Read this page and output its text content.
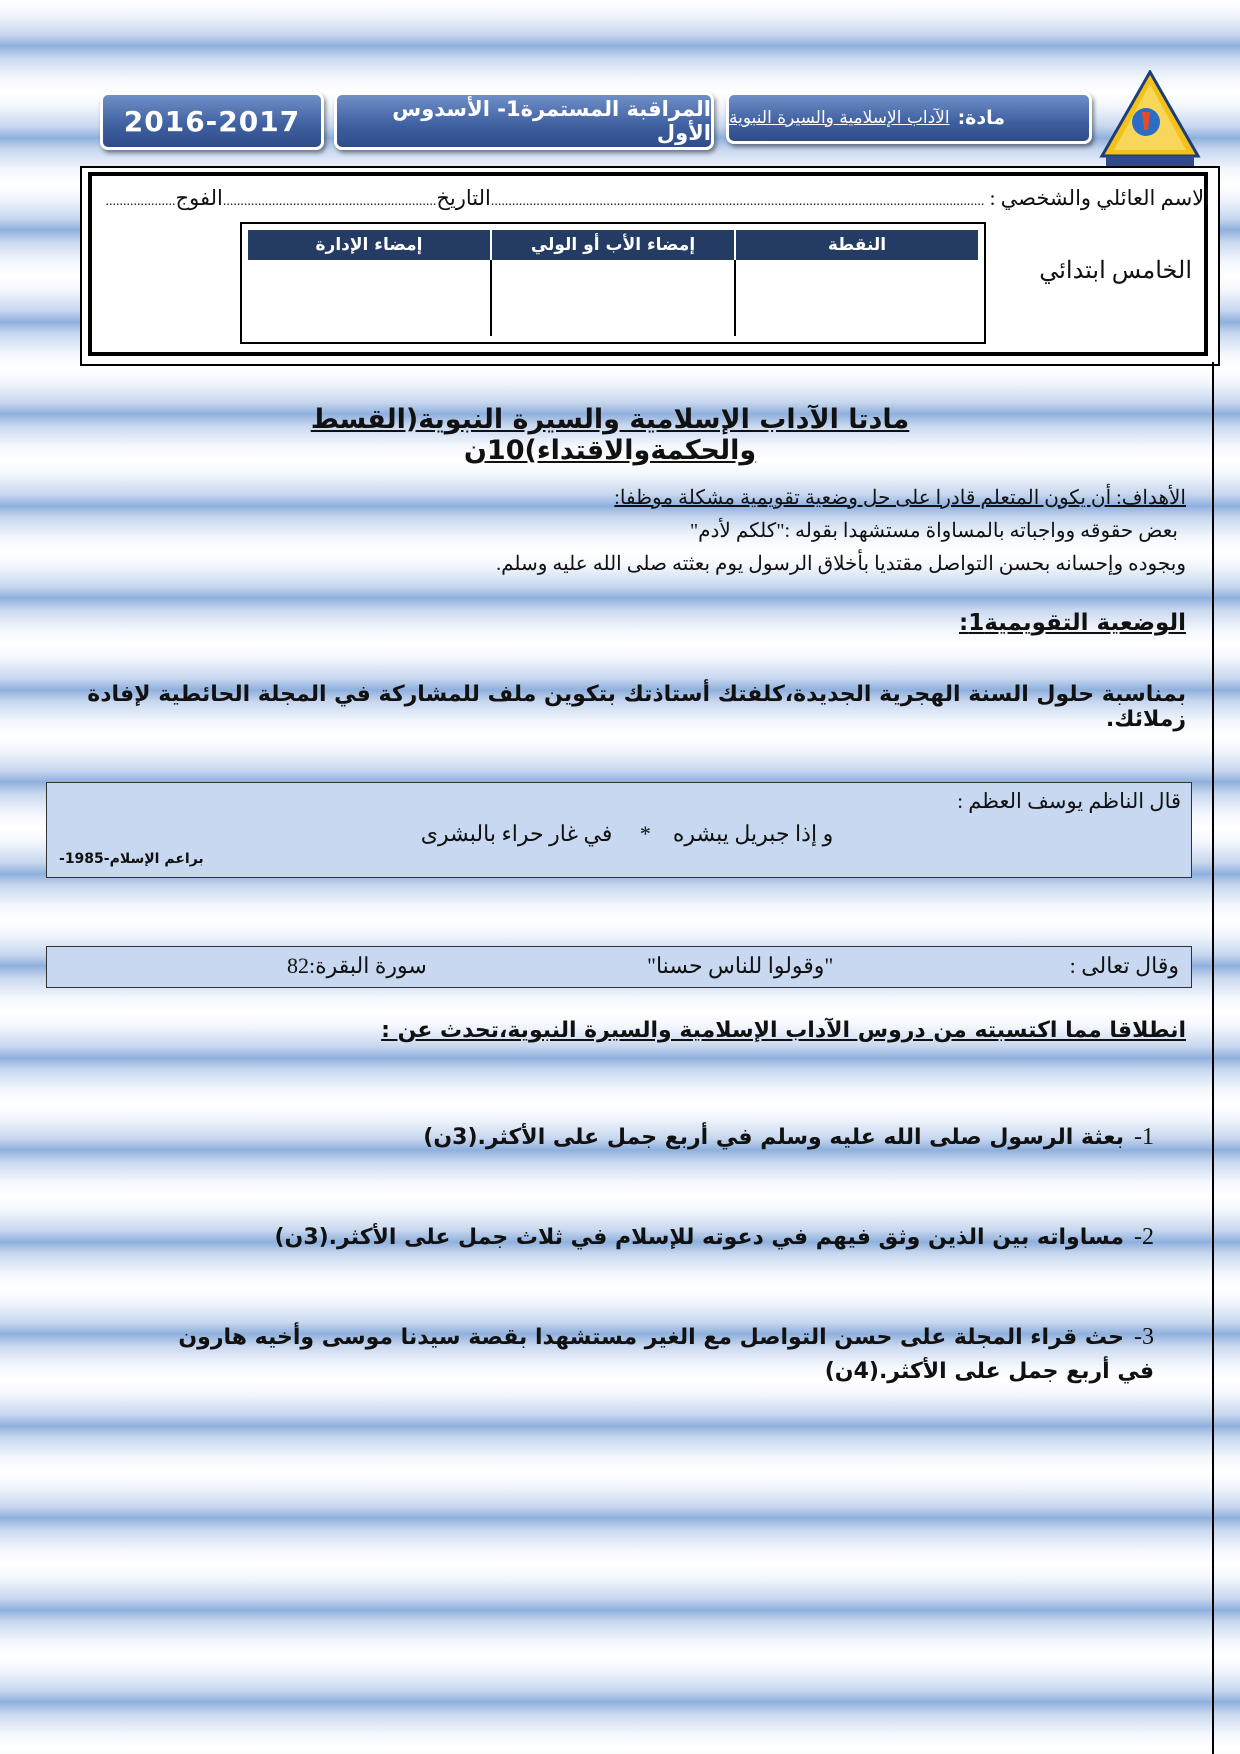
2016-2017	المراقبة المستمرة1- الأسدوس الأول
مادة:
الآداب الإسلامية والسيرة النبوية
الاسم العائلي والشخصي : .............................................................................................................................................التاريخ.............................................................الفوج....................
الخامس ابتدائي
النقطة
إمضاء الأب أو الولي
إمضاء الإدارة
مادتا الآداب الإسلامية والسيرة النبوية(القسط والحكمةوالاقتداء)10ن
الأهداف: أن يكون المتعلم قادرا على حل وضعية تقويمية مشكلة موظفا:
بعض حقوقه وواجباته بالمساواة مستشهدا بقوله :"كلكم لأدم"
وبجوده وإحسانه بحسن التواصل مقتديا بأخلاق الرسول يوم بعثته صلى الله عليه وسلم.
الوضعية التقويمية1:
بمناسبة حلول السنة الهجرية الجديدة،كلفتك أستاذتك بتكوين ملف للمشاركة في المجلة الحائطية لإفادة زملائك.
قال الناظم يوسف العظم :
و إذا جبريل يبشره    *     في غار حراء بالبشرى
براعم الإسلام-1985-
وقال تعالى :
"وقولوا للناس حسنا"
سورة البقرة:82
انطلاقا مما اكتسبته من دروس الآداب الإسلامية والسيرة النبوية،تحدث عن :
1-بعثة الرسول صلى الله عليه وسلم في أربع جمل على الأكثر.(3ن)
2-مساواته بين الذين وثق فيهم في دعوته للإسلام في ثلاث جمل على الأكثر.(3ن)
3-حث قراء المجلة على حسن التواصل مع الغير مستشهدا بقصة سيدنا موسى وأخيه هارون في أربع جمل على الأكثر.(4ن)
